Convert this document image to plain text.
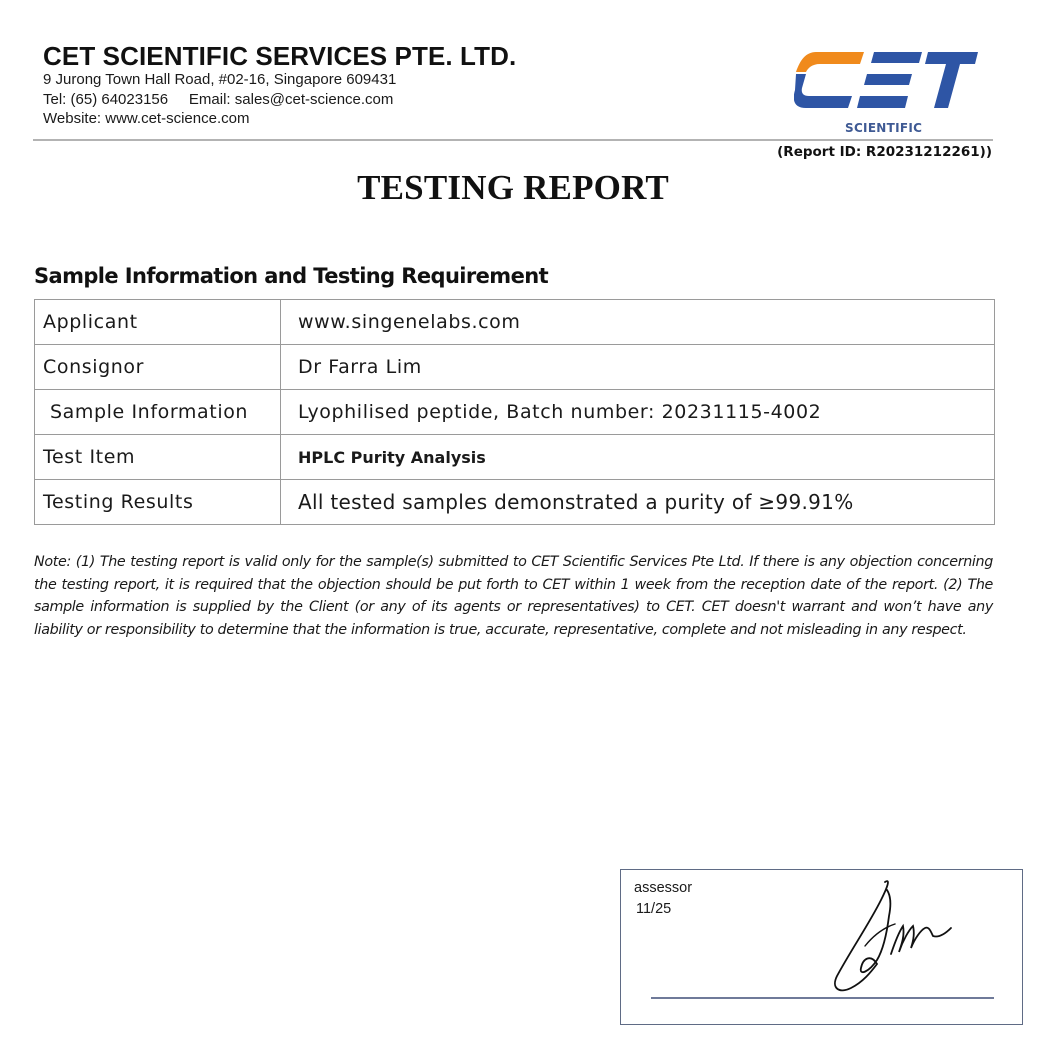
CET SCIENTIFIC SERVICES PTE. LTD.
9 Jurong Town Hall Road, #02-16, Singapore 609431
Tel: (65) 64023156     Email: sales@cet-science.com
Website: www.cet-science.com
SCIENTIFIC
(Report ID: R20231212261))
TESTING REPORT
Sample Information and Testing Requirement
Applicant	www.singenelabs.com
Consignor	Dr Farra Lim
Sample Information	Lyophilised peptide, Batch number: 20231115-4002
Test Item	HPLC Purity Analysis
Testing Results	All tested samples demonstrated a purity of ≥99.91%
Note: (1) The testing report is valid only for the sample(s) submitted to CET Scientific Services Pte Ltd. If there is any objection concerning the testing report, it is required that the objection should be put forth to CET within 1 week from the reception date of the report. (2) The sample information is supplied by the Client (or any of its agents or representatives) to CET. CET doesn't warrant and won’t have any liability or responsibility to determine that the information is true, accurate, representative, complete and not misleading in any respect.
assessor
11/25
